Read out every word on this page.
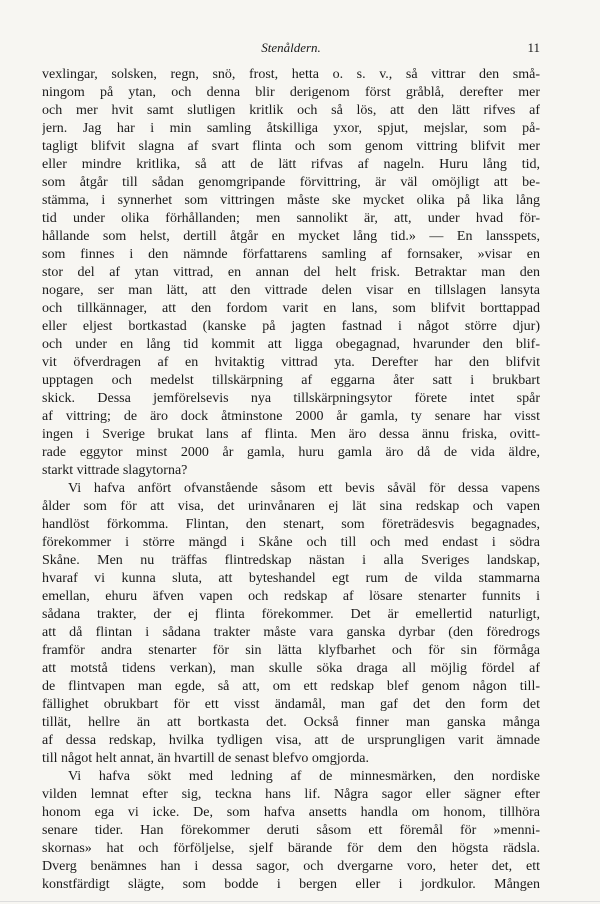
Stenåldern.	11
vexlingar, solsken, regn, snö, frost, hetta o. s. v., så vittrar den små-
ningom på ytan, och denna blir derigenom först gråblå, derefter mer
och mer hvit samt slutligen kritlik och så lös, att den lätt rifves af
jern. Jag har i min samling åtskilliga yxor, spjut, mejslar, som på-
tagligt blifvit slagna af svart flinta och som genom vittring blifvit mer
eller mindre kritlika, så att de lätt rifvas af nageln. Huru lång tid,
som åtgår till sådan genomgripande förvittring, är väl omöjligt att be-
stämma, i synnerhet som vittringen måste ske mycket olika på lika lång
tid under olika förhållanden; men sannolikt är, att, under hvad för-
hållande som helst, dertill åtgår en mycket lång tid.» — En lansspets,
som finnes i den nämnde författarens samling af fornsaker, »visar en
stor del af ytan vittrad, en annan del helt frisk. Betraktar man den
nogare, ser man lätt, att den vittrade delen visar en tillslagen lansyta
och tillkännager, att den fordom varit en lans, som blifvit borttappad
eller eljest bortkastad (kanske på jagten fastnad i något större djur)
och under en lång tid kommit att ligga obegagnad, hvarunder den blif-
vit öfverdragen af en hvitaktig vittrad yta. Derefter har den blifvit
upptagen och medelst tillskärpning af eggarna åter satt i brukbart
skick. Dessa jemförelsevis nya tillskärpningsytor förete intet spår
af vittring; de äro dock åtminstone 2000 år gamla, ty senare har visst
ingen i Sverige brukat lans af flinta. Men äro dessa ännu friska, ovitt-
rade eggytor minst 2000 år gamla, huru gamla äro då de vida äldre,
starkt vittrade slagytorna?
Vi hafva anfört ofvanstående såsom ett bevis såväl för dessa vapens
ålder som för att visa, det urinvånaren ej lät sina redskap och vapen
handlöst förkomma. Flintan, den stenart, som företrädesvis begagnades,
förekommer i större mängd i Skåne och till och med endast i södra
Skåne. Men nu träffas flintredskap nästan i alla Sveriges landskap,
hvaraf vi kunna sluta, att byteshandel egt rum de vilda stammarna
emellan, ehuru äfven vapen och redskap af lösare stenarter funnits i
sådana trakter, der ej flinta förekommer. Det är emellertid naturligt,
att då flintan i sådana trakter måste vara ganska dyrbar (den föredrogs
framför andra stenarter för sin lätta klyfbarhet och för sin förmåga
att motstå tidens verkan), man skulle söka draga all möjlig fördel af
de flintvapen man egde, så att, om ett redskap blef genom någon till-
fällighet obrukbart för ett visst ändamål, man gaf det den form det
tillät, hellre än att bortkasta det. Också finner man ganska många
af dessa redskap, hvilka tydligen visa, att de ursprungligen varit ämnade
till något helt annat, än hvartill de senast blefvo omgjorda.
Vi hafva sökt med ledning af de minnesmärken, den nordiske
vilden lemnat efter sig, teckna hans lif. Några sagor eller sägner efter
honom ega vi icke. De, som hafva ansetts handla om honom, tillhöra
senare tider. Han förekommer deruti såsom ett föremål för »menni-
skornas» hat och förföljelse, sjelf bärande för dem den högsta rädsla.
Dverg benämnes han i dessa sagor, och dvergarne voro, heter det, ett
konstfärdigt slägte, som bodde i bergen eller i jordkulor. Mången
